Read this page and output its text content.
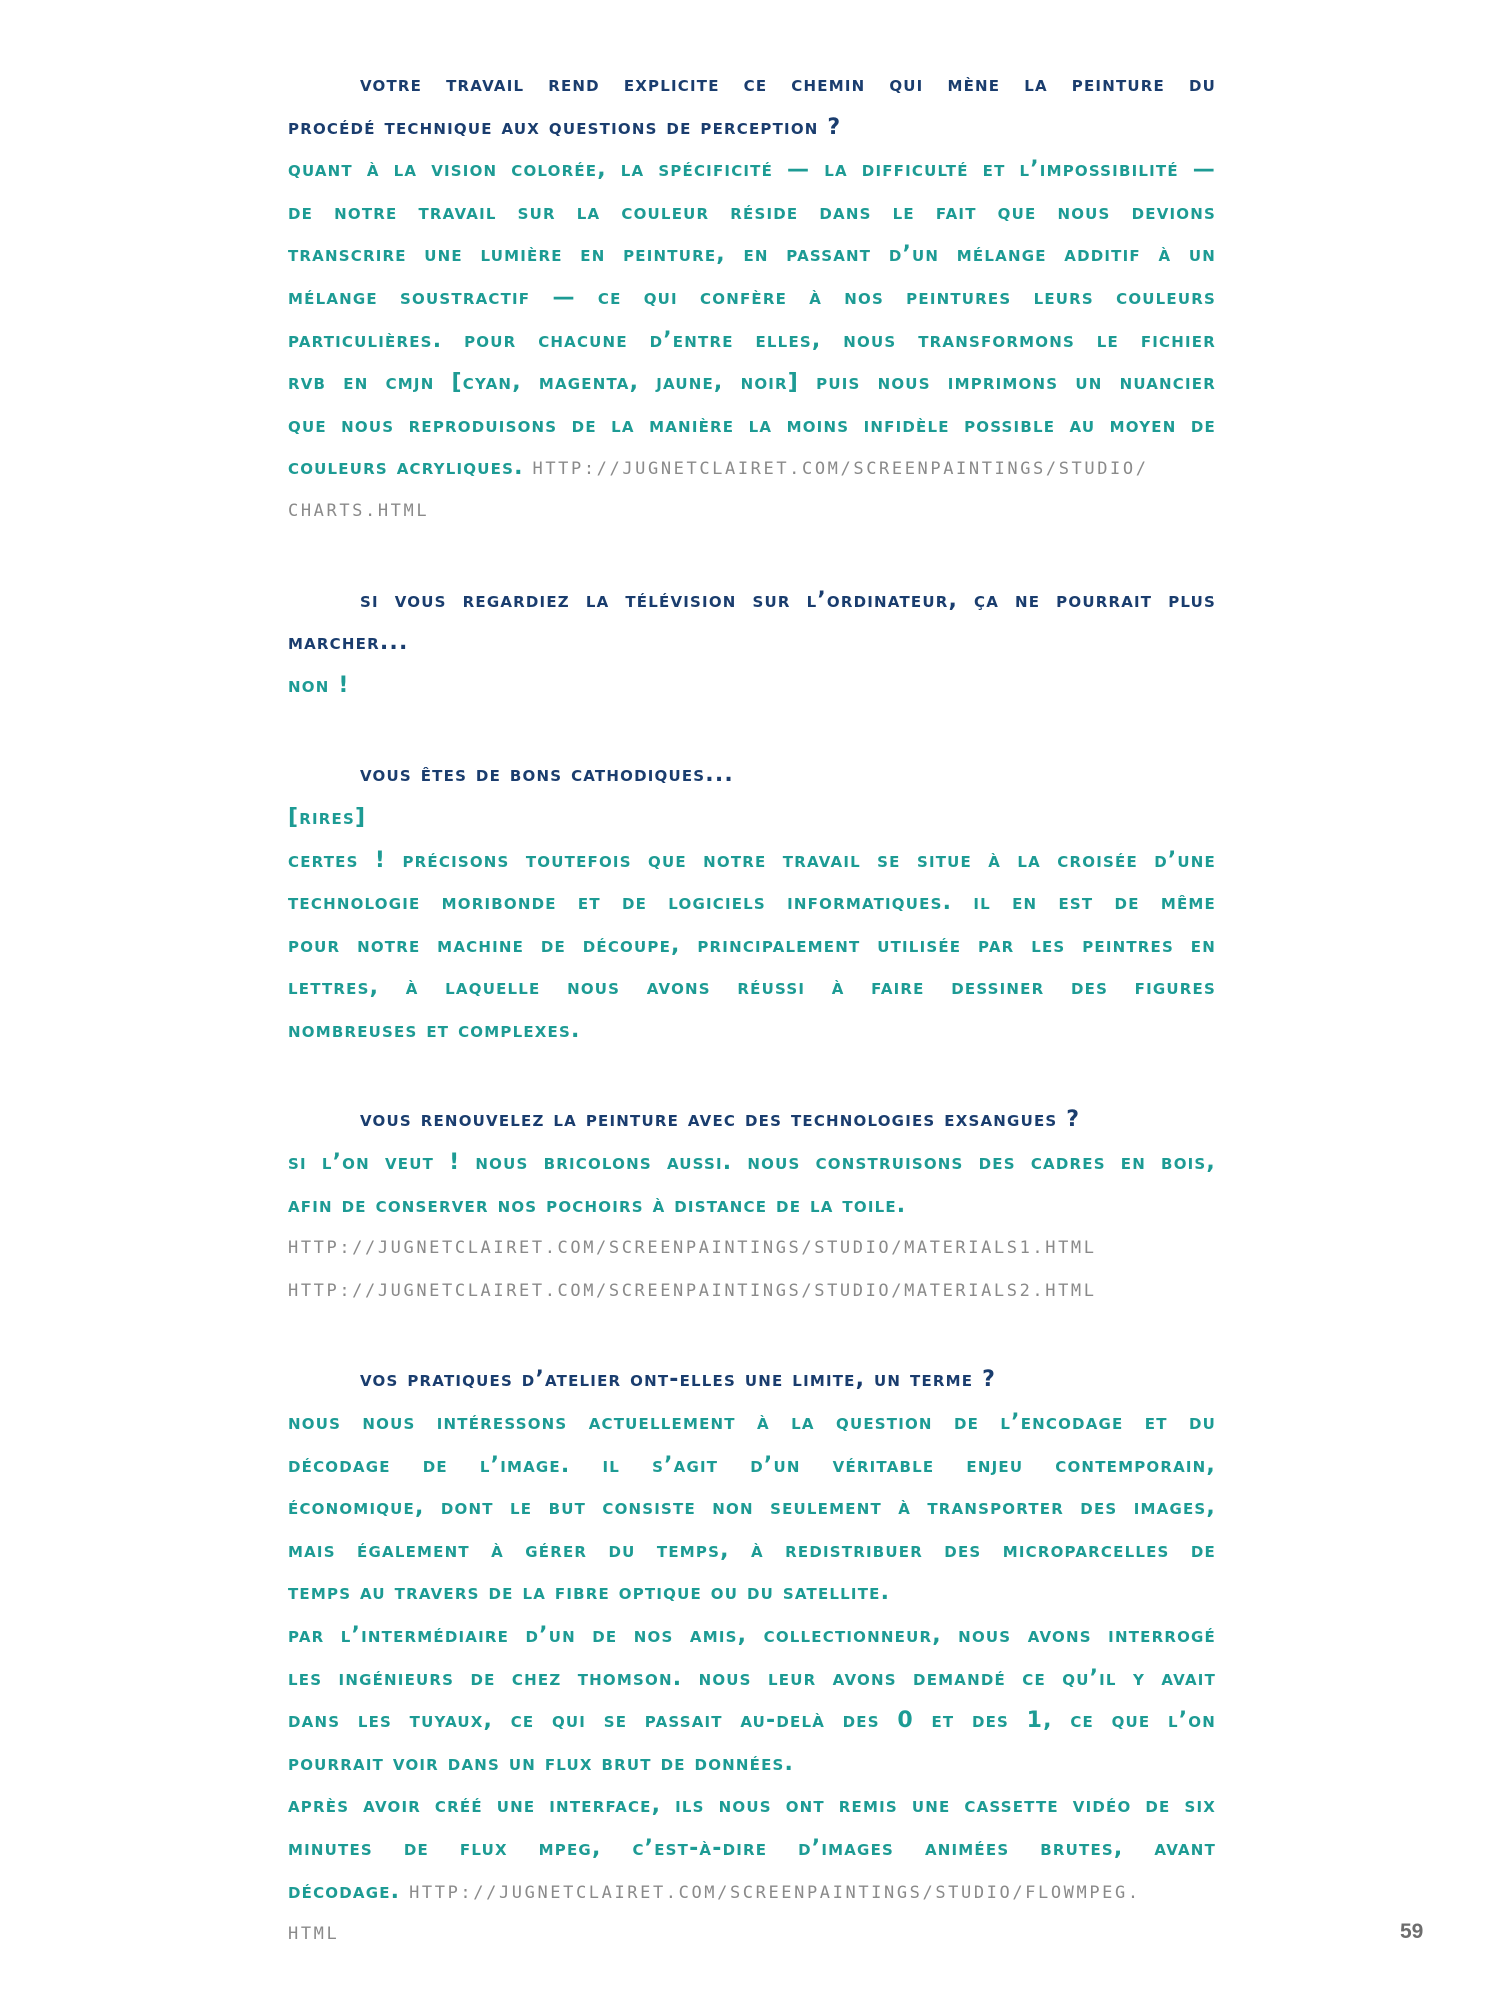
votre travail rend explicite ce chemin qui mène la peinture du
procédé technique aux questions de perception ?
quant à la vision colorée, la spécificité — la difficulté et l’impossibilité —
de notre travail sur la couleur réside dans le fait que nous devions
transcrire une lumière en peinture, en passant d’un mélange additif à un
mélange soustractif — ce qui confère à nos peintures leurs couleurs
particulières. pour chacune d’entre elles, nous transformons le fichier
rvb en cmjn [cyan, magenta, jaune, noir] puis nous imprimons un nuancier
que nous reproduisons de la manière la moins infidèle possible au moyen de
couleurs acryliques. HTTP://JUGNETCLAIRET.COM/SCREENPAINTINGS/STUDIO/
CHARTS.HTML
si vous regardiez la télévision sur l’ordinateur, ça ne pourrait plus
marcher...
non !
vous êtes de bons cathodiques...
[rires]
certes ! précisons toutefois que notre travail se situe à la croisée d’une
technologie moribonde et de logiciels informatiques. il en est de même
pour notre machine de découpe, principalement utilisée par les peintres en
lettres, à laquelle nous avons réussi à faire dessiner des figures
nombreuses et complexes.
vous renouvelez la peinture avec des technologies exsangues ?
si l’on veut ! nous bricolons aussi. nous construisons des cadres en bois,
afin de conserver nos pochoirs à distance de la toile.
HTTP://JUGNETCLAIRET.COM/SCREENPAINTINGS/STUDIO/MATERIALS1.HTML
HTTP://JUGNETCLAIRET.COM/SCREENPAINTINGS/STUDIO/MATERIALS2.HTML
vos pratiques d’atelier ont-elles une limite, un terme ?
nous nous intéressons actuellement à la question de l’encodage et du
décodage de l’image. il s’agit d’un véritable enjeu contemporain,
économique, dont le but consiste non seulement à transporter des images,
mais également à gérer du temps, à redistribuer des microparcelles de
temps au travers de la fibre optique ou du satellite.
par l’intermédiaire d’un de nos amis, collectionneur, nous avons interrogé
les ingénieurs de chez thomson. nous leur avons demandé ce qu’il y avait
dans les tuyaux, ce qui se passait au-delà des 0 et des 1, ce que l’on
pourrait voir dans un flux brut de données.
après avoir créé une interface, ils nous ont remis une cassette vidéo de six
minutes de flux mpeg, c’est-à-dire d’images animées brutes, avant
décodage. HTTP://JUGNETCLAIRET.COM/SCREENPAINTINGS/STUDIO/FLOWMPEG.
HTML	59
